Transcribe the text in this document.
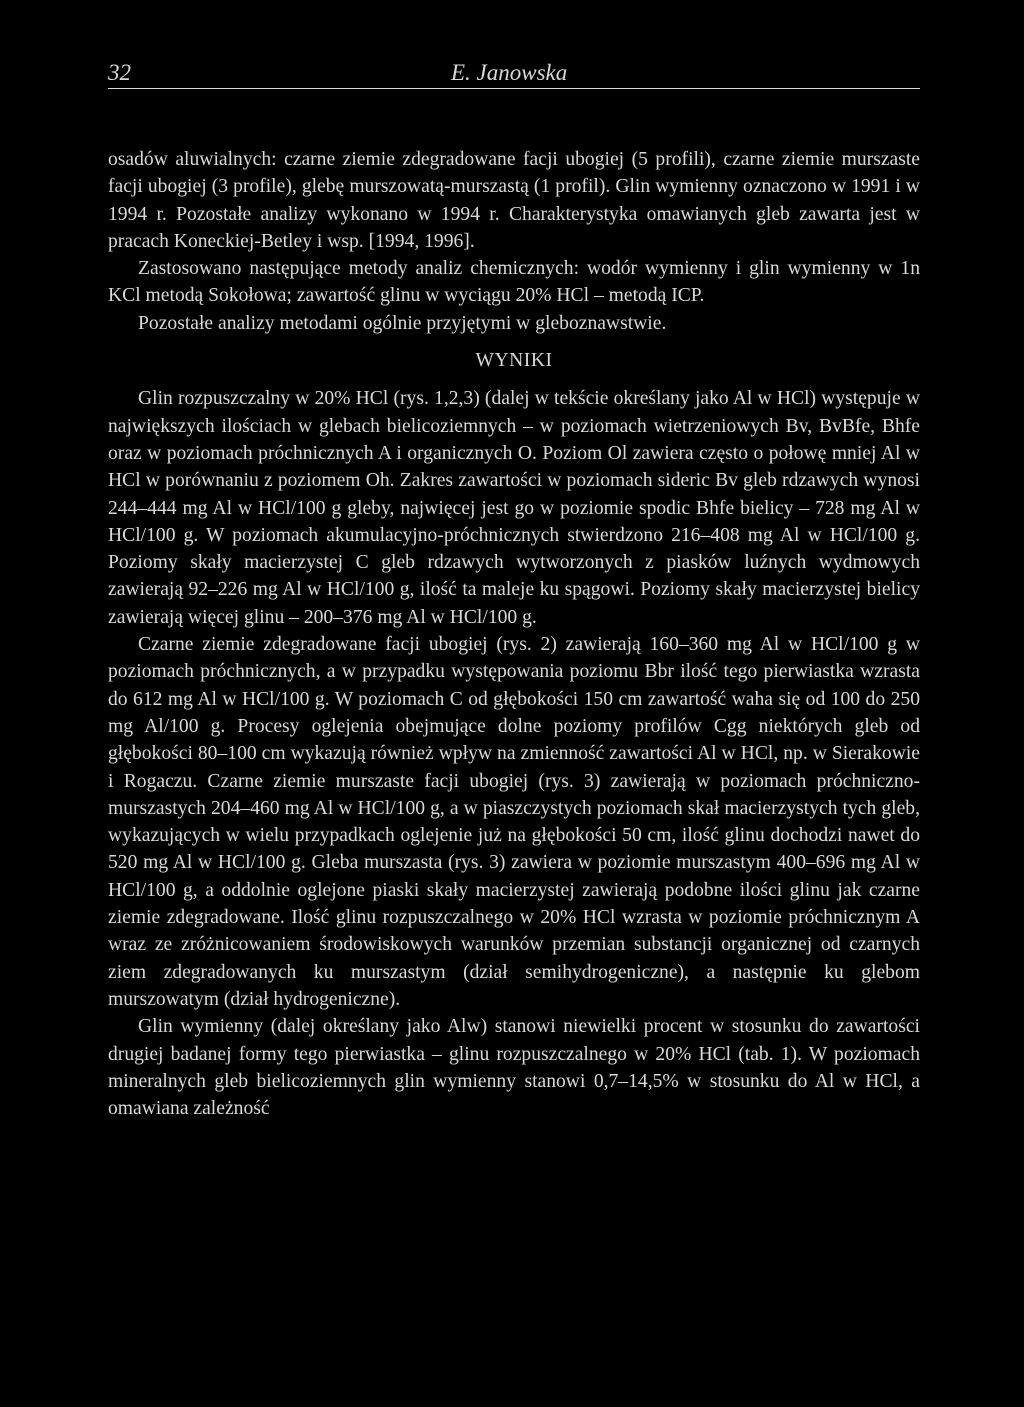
32	E. Janowska

osadów aluwialnych: czarne ziemie zdegradowane facji ubogiej (5 profili), czarne ziemie murszaste facji ubogiej (3 profile), glebę murszowatą-murszastą (1 profil). Glin wymienny oznaczono w 1991 i w 1994 r. Pozostałe analizy wykonano w 1994 r. Charakterystyka omawianych gleb zawarta jest w pracach Koneckiej-Betley i wsp. [1994, 1996].

Zastosowano następujące metody analiz chemicznych: wodór wymienny i glin wymienny w 1n KCl metodą Sokołowa; zawartość glinu w wyciągu 20% HCl – metodą ICP.

Pozostałe analizy metodami ogólnie przyjętymi w gleboznawstwie.

WYNIKI

Glin rozpuszczalny w 20% HCl (rys. 1,2,3) (dalej w tekście określany jako Al w HCl) występuje w największych ilościach w glebach bielicoziemnych – w poziomach wietrzeniowych Bv, BvBfe, Bhfe oraz w poziomach próchnicznych A i organicznych O. Poziom Ol zawiera często o połowę mniej Al w HCl w porównaniu z poziomem Oh. Zakres zawartości w poziomach sideric Bv gleb rdzawych wynosi 244–444 mg Al w HCl/100 g gleby, najwięcej jest go w poziomie spodic Bhfe bielicy – 728 mg Al w HCl/100 g. W poziomach akumulacyjno-próchnicznych stwierdzono 216–408 mg Al w HCl/100 g. Poziomy skały macierzystej C gleb rdzawych wytworzonych z piasków luźnych wydmowych zawierają 92–226 mg Al w HCl/100 g, ilość ta maleje ku spągowi. Poziomy skały macierzystej bielicy zawierają więcej glinu – 200–376 mg Al w HCl/100 g.

Czarne ziemie zdegradowane facji ubogiej (rys. 2) zawierają 160–360 mg Al w HCl/100 g w poziomach próchnicznych, a w przypadku występowania poziomu Bbr ilość tego pierwiastka wzrasta do 612 mg Al w HCl/100 g. W poziomach C od głębokości 150 cm zawartość waha się od 100 do 250 mg Al/100 g. Procesy oglejenia obejmujące dolne poziomy profilów Cgg niektórych gleb od głębokości 80–100 cm wykazują również wpływ na zmienność zawartości Al w HCl, np. w Sierakowie i Rogaczu. Czarne ziemie murszaste facji ubogiej (rys. 3) zawierają w poziomach próchniczno-murszastych 204–460 mg Al w HCl/100 g, a w piaszczystych poziomach skał macierzystych tych gleb, wykazujących w wielu przypadkach oglejenie już na głębokości 50 cm, ilość glinu dochodzi nawet do 520 mg Al w HCl/100 g. Gleba murszasta (rys. 3) zawiera w poziomie murszastym 400–696 mg Al w HCl/100 g, a oddolnie oglejone piaski skały macierzystej zawierają podobne ilości glinu jak czarne ziemie zdegradowane. Ilość glinu rozpuszczalnego w 20% HCl wzrasta w poziomie próchnicznym A wraz ze zróżnicowaniem środowiskowych warunków przemian substancji organicznej od czarnych ziem zdegradowanych ku murszastym (dział semihydrogeniczne), a następnie ku glebom murszowatym (dział hydrogeniczne).

Glin wymienny (dalej określany jako Alw) stanowi niewielki procent w stosunku do zawartości drugiej badanej formy tego pierwiastka – glinu rozpuszczalnego w 20% HCl (tab. 1). W poziomach mineralnych gleb bielicoziemnych glin wymienny stanowi 0,7–14,5% w stosunku do Al w HCl, a omawiana zależność
